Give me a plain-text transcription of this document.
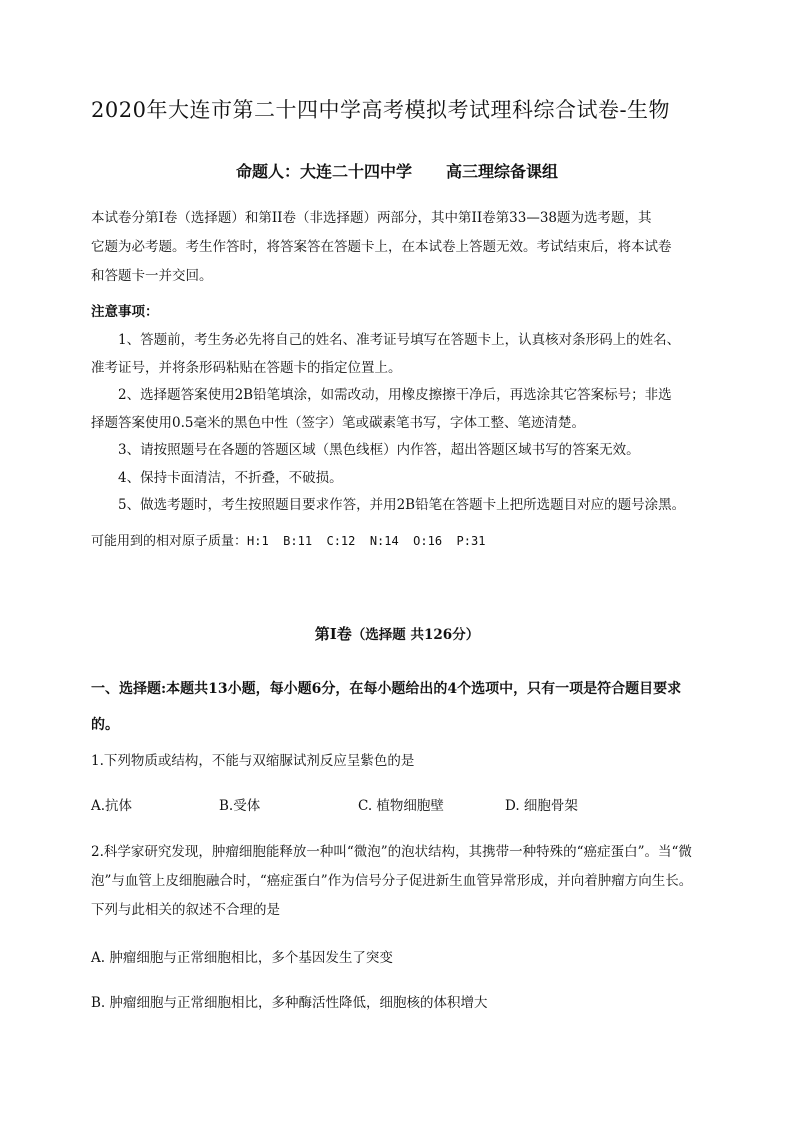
2020年大连市第二十四中学高考模拟考试理科综合试卷-生物
命题人：大连二十四中学 高三理综备课组
本试卷分第Ⅰ卷（选择题）和第II卷（非选择题）两部分，其中第II卷第33—38题为选考题，其
它题为必考题。考生作答时，将答案答在答题卡上，在本试卷上答题无效。考试结束后，将本试卷
和答题卡一并交回。
注意事项：
1、答题前，考生务必先将自己的姓名、准考证号填写在答题卡上，认真核对条形码上的姓名、
准考证号，并将条形码粘贴在答题卡的指定位置上。
2、选择题答案使用2B铅笔填涂，如需改动，用橡皮擦擦干净后，再选涂其它答案标号；非选
择题答案使用0.5毫米的黑色中性（签字）笔或碳素笔书写，字体工整、笔迹清楚。
3、请按照题号在各题的答题区域（黑色线框）内作答，超出答题区域书写的答案无效。
4、保持卡面清洁，不折叠，不破损。
5、做选考题时，考生按照题目要求作答，并用2B铅笔在答题卡上把所选题目对应的题号涂黑。
可能用到的相对原子质量：H:1  B:11  C:12  N:14  O:16  P:31
第Ⅰ卷（选择题 共126分）
一、选择题:本题共13小题，每小题6分，在每小题给出的4个选项中，只有一项是符合题目要求
的。
1.下列物质或结构，不能与双缩脲试剂反应呈紫色的是
A.抗体	B.受体	C. 植物细胞壁	D. 细胞骨架
2.科学家研究发现，肿瘤细胞能释放一种叫“微泡”的泡状结构，其携带一种特殊的“癌症蛋白”。当“微
泡”与血管上皮细胞融合时，“癌症蛋白”作为信号分子促进新生血管异常形成，并向着肿瘤方向生长。
下列与此相关的叙述不合理的是
A. 肿瘤细胞与正常细胞相比，多个基因发生了突变
B. 肿瘤细胞与正常细胞相比，多种酶活性降低，细胞核的体积增大
